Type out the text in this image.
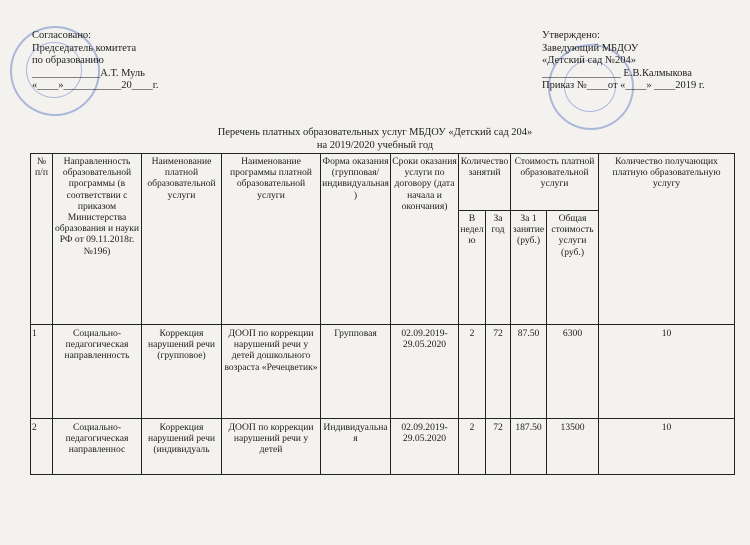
Согласовано:
Председатель комитета
по образованию
_____________А.Т. Муль
«____»___________20____г.
Утверждено:
Заведующий МБДОУ
«Детский сад №204»
_______________ Е.В.Калмыкова
Приказ №____от «____» ____2019 г.
Перечень платных образовательных услуг МБДОУ «Детский сад 204»
на 2019/2020 учебный год
№ п/п	Направленность образовательной программы (в соответствии с приказом Министерства образования и науки РФ от 09.11.2018г. №196)	Наименование платной образовательной услуги	Наименование программы платной образовательной услуги	Форма оказания (групповая/ индивидуальная)	Сроки оказания услуги по договору (дата начала и окончания)	Количество занятий		Стоимость платной образовательной услуги		Количество получающих платную образовательную услугу
						В неделю	За год	За 1 занятие (руб.)	Общая стоимость услуги (руб.)	
1	Социально-педагогическая направленность	Коррекция нарушений речи (групповое)	ДООП по коррекции нарушений речи у детей дошкольного возраста «Речецветик»	Групповая	02.09.2019-29.05.2020	2	72	87.50	6300	10
2	Социально-педагогическая направленнос	Коррекция нарушений речи (индивидуаль	ДООП по коррекции нарушений речи у детей	Индивидуальная	02.09.2019-29.05.2020	2	72	187.50	13500	10
